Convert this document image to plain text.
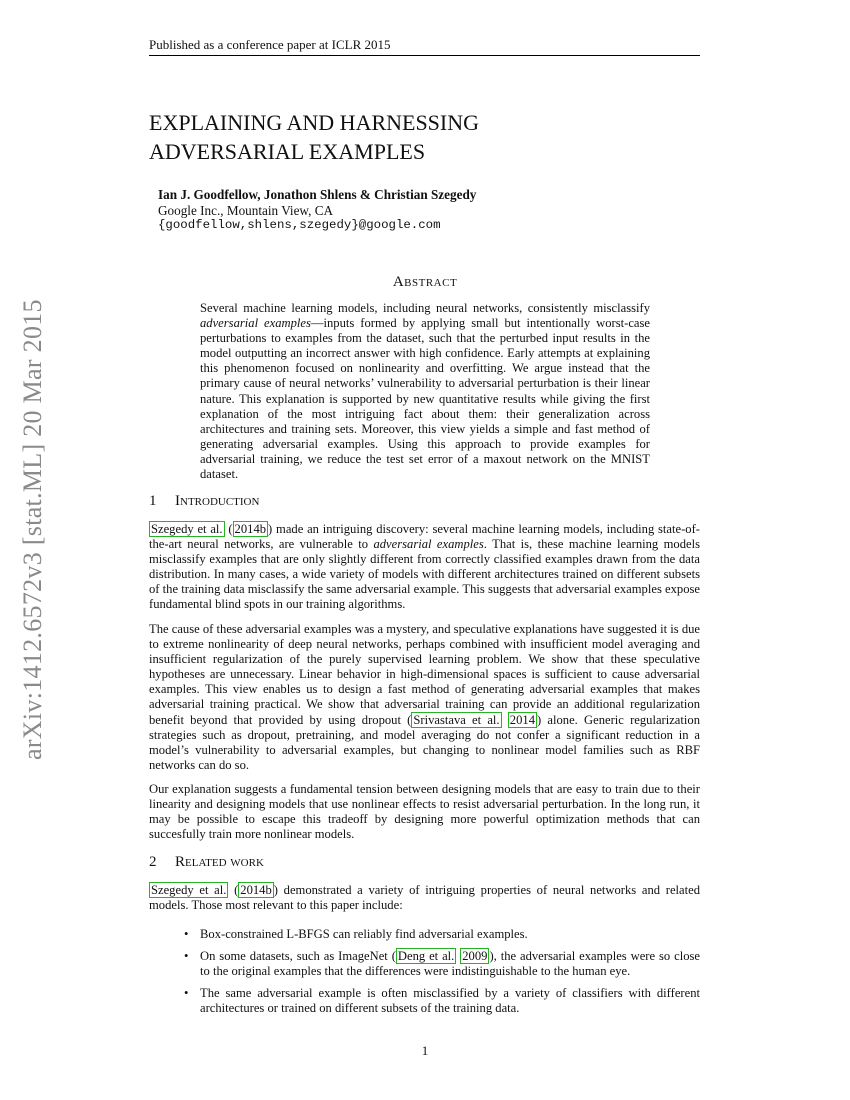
Published as a conference paper at ICLR 2015
arXiv:1412.6572v3 [stat.ML] 20 Mar 2015
EXPLAINING AND HARNESSING
ADVERSARIAL EXAMPLES
Ian J. Goodfellow, Jonathon Shlens & Christian Szegedy
Google Inc., Mountain View, CA
{goodfellow,shlens,szegedy}@google.com
Abstract

Several machine learning models, including neural networks, consistently misclassify adversarial examples—inputs formed by applying small but intentionally worst-case perturbations to examples from the dataset, such that the perturbed input results in the model outputting an incorrect answer with high confidence. Early attempts at explaining this phenomenon focused on nonlinearity and overfitting. We argue instead that the primary cause of neural networks’ vulnerability to adversarial perturbation is their linear nature. This explanation is supported by new quantitative results while giving the first explanation of the most intriguing fact about them: their generalization across architectures and training sets. Moreover, this view yields a simple and fast method of generating adversarial examples. Using this approach to provide examples for adversarial training, we reduce the test set error of a maxout network on the MNIST dataset.

1 Introduction

Szegedy et al. ( 2014b ) made an intriguing discovery: several machine learning models, including state-of-the-art neural networks, are vulnerable to adversarial examples. That is, these machine learning models misclassify examples that are only slightly different from correctly classified examples drawn from the data distribution. In many cases, a wide variety of models with different architectures trained on different subsets of the training data misclassify the same adversarial example. This suggests that adversarial examples expose fundamental blind spots in our training algorithms.

The cause of these adversarial examples was a mystery, and speculative explanations have suggested it is due to extreme nonlinearity of deep neural networks, perhaps combined with insufficient model averaging and insufficient regularization of the purely supervised learning problem. We show that these speculative hypotheses are unnecessary. Linear behavior in high-dimensional spaces is sufficient to cause adversarial examples. This view enables us to design a fast method of generating adversarial examples that makes adversarial training practical. We show that adversarial training can provide an additional regularization benefit beyond that provided by using dropout ( Srivastava et al. 2014 ) alone. Generic regularization strategies such as dropout, pretraining, and model averaging do not confer a significant reduction in a model’s vulnerability to adversarial examples, but changing to nonlinear model families such as RBF networks can do so.

Our explanation suggests a fundamental tension between designing models that are easy to train due to their linearity and designing models that use nonlinear effects to resist adversarial perturbation. In the long run, it may be possible to escape this tradeoff by designing more powerful optimization methods that can succesfully train more nonlinear models.

2 Related work

Szegedy et al. ( 2014b ) demonstrated a variety of intriguing properties of neural networks and related models. Those most relevant to this paper include:

• Box-constrained L-BFGS can reliably find adversarial examples.
• On some datasets, such as ImageNet ( Deng et al. 2009 ), the adversarial examples were so close to the original examples that the differences were indistinguishable to the human eye.
• The same adversarial example is often misclassified by a variety of classifiers with different architectures or trained on different subsets of the training data.
1
